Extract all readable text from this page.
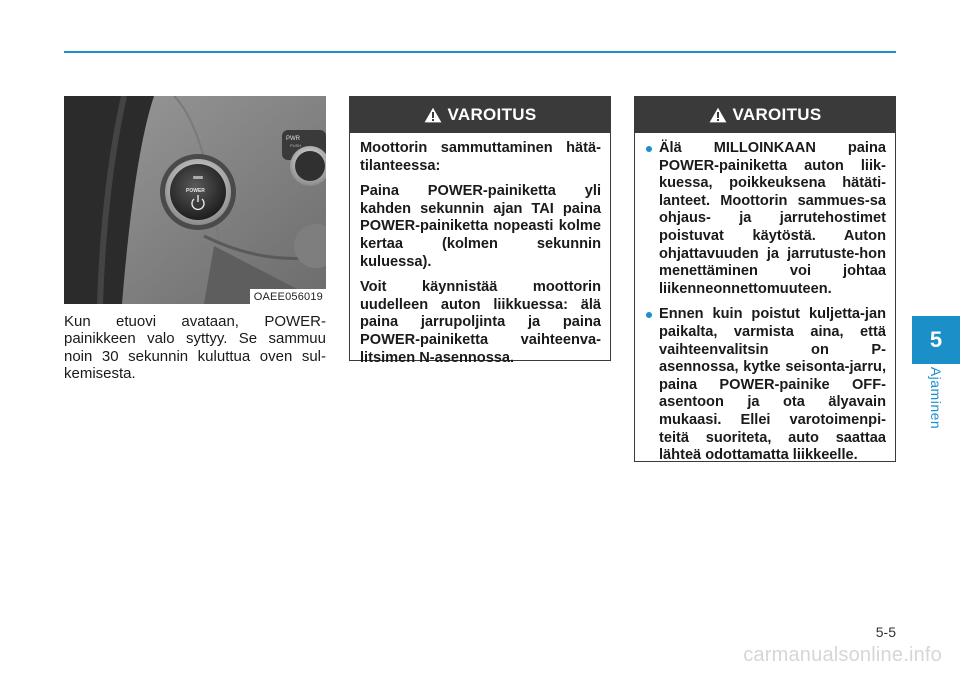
PWR
PUSH
POWER
OAEE056019

Kun etuovi avataan, POWER-painikkeen valo syttyy. Se sammuu noin 30 sekunnin kuluttua oven sul-kemisesta.

VAROITUS

Moottorin sammuttaminen hätä-tilanteessa:

Paina POWER-painiketta yli kahden sekunnin ajan TAI paina POWER-painiketta nopeasti kolme kertaa (kolmen sekunnin kuluessa).

Voit käynnistää moottorin uudelleen auton liikkuessa: älä paina jarrupoljinta ja paina POWER-painiketta vaihteenva-litsimen N-asennossa.

VAROITUS
Älä MILLOINKAAN paina POWER-painiketta auton liik-kuessa, poikkeuksena hätäti-lanteet. Moottorin sammues-sa ohjaus- ja jarrutehostimet poistuvat käytöstä. Auton ohjattavuuden ja jarrutuste-hon menettäminen voi johtaa liikenneonnettomuuteen.
Ennen kuin poistut kuljetta-jan paikalta, varmista aina, että vaihteenvalitsin on P-asennossa, kytke seisonta-jarru, paina POWER-painike OFF-asentoon ja ota älyavain mukaasi. Ellei varotoimenpi-teitä suoriteta, auto saattaa lähteä odottamatta liikkeelle.
5
Ajaminen
5-5
carmanualsonline.info
